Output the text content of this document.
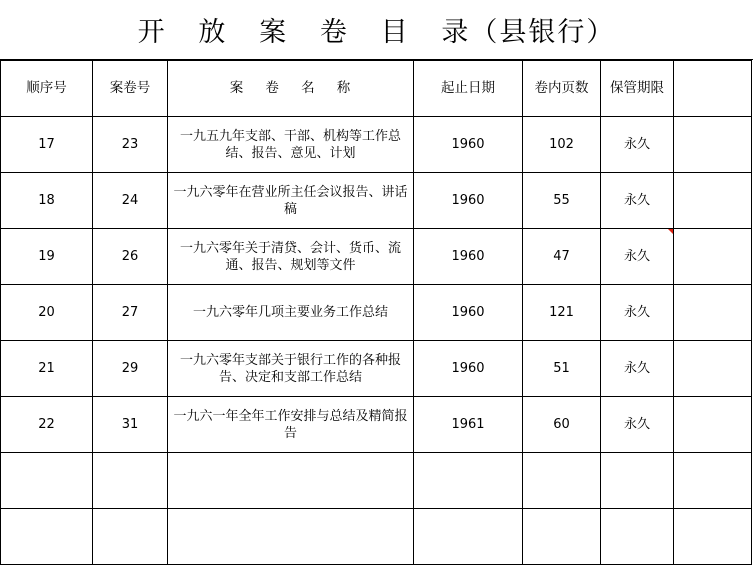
开   放   案   卷   目   录（县银行）
顺序号	案卷号	案    卷    名    称	起止日期	卷内页数	保管期限	
17	23	一九五九年支部、干部、机构等工作总结、报告、意见、计划	1960	102	永久	
18	24	一九六零年在营业所主任会议报告、讲话稿	1960	55	永久	
19	26	一九六零年关于清贷、会计、货币、流通、报告、规划等文件	1960	47	永久	
20	27	一九六零年几项主要业务工作总结	1960	121	永久	
21	29	一九六零年支部关于银行工作的各种报告、决定和支部工作总结	1960	51	永久	
22	31	一九六一年全年工作安排与总结及精简报告	1961	60	永久	
